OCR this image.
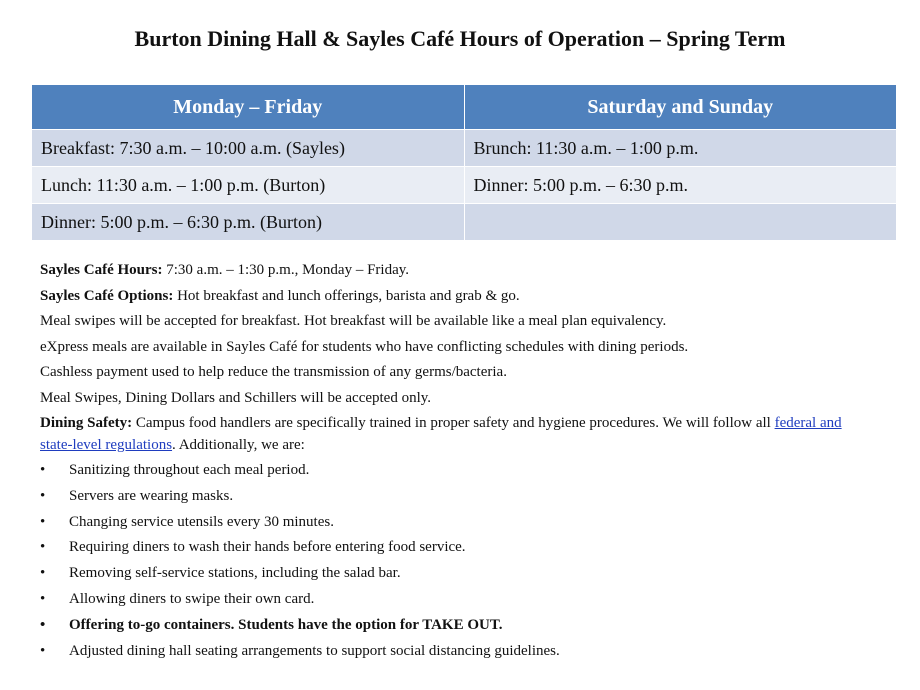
Burton Dining Hall & Sayles Café Hours of Operation – Spring Term
Monday – Friday	Saturday and Sunday
Breakfast: 7:30 a.m. – 10:00 a.m. (Sayles)	Brunch: 11:30 a.m. – 1:00 p.m.
Lunch: 11:30 a.m. – 1:00 p.m. (Burton)	Dinner: 5:00 p.m. – 6:30 p.m.
Dinner: 5:00 p.m. – 6:30 p.m. (Burton)	

Sayles Café Hours: 7:30 a.m. – 1:30 p.m., Monday – Friday.

Sayles Café Options: Hot breakfast and lunch offerings, barista and grab & go.

Meal swipes will be accepted for breakfast. Hot breakfast will be available like a meal plan equivalency.

eXpress meals are available in Sayles Café for students who have conflicting schedules with dining periods.

Cashless payment used to help reduce the transmission of any germs/bacteria.

Meal Swipes, Dining Dollars and Schillers will be accepted only.

Dining Safety: Campus food handlers are specifically trained in proper safety and hygiene procedures. We will follow all federal and state-level regulations. Additionally, we are:

• Sanitizing throughout each meal period.
• Servers are wearing masks.
• Changing service utensils every 30 minutes.
• Requiring diners to wash their hands before entering food service.
• Removing self-service stations, including the salad bar.
• Allowing diners to swipe their own card.
• Offering to-go containers. Students have the option for TAKE OUT.
• Adjusted dining hall seating arrangements to support social distancing guidelines.
